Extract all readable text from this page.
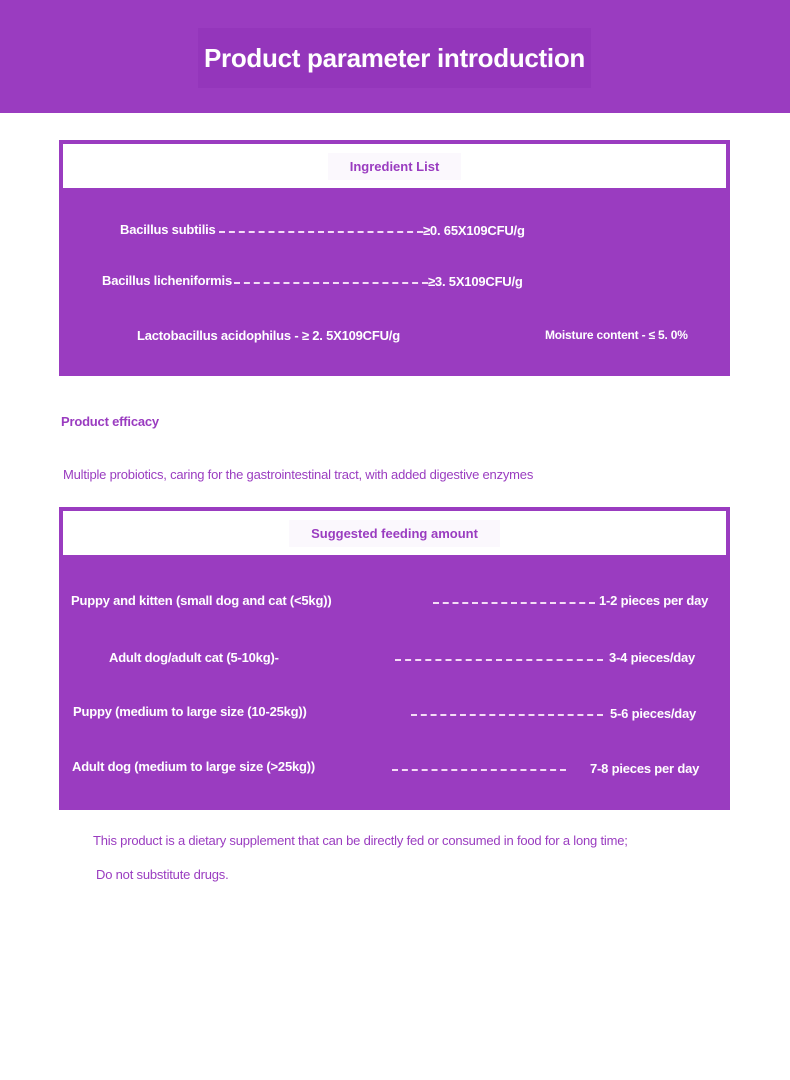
Product parameter introduction
Ingredient List
Bacillus subtilis	≥0. 65X109CFU/g
Bacillus licheniformis	≥3. 5X109CFU/g
Lactobacillus acidophilus - ≥ 2. 5X109CFU/g	Moisture content - ≤ 5. 0%
Product efficacy
Multiple probiotics, caring for the gastrointestinal tract, with added digestive enzymes
Suggested feeding amount
Puppy and kitten (small dog and cat (<5kg))	1-2 pieces per day
Adult dog/adult cat (5-10kg)-	3-4 pieces/day
Puppy (medium to large size (10-25kg))	5-6 pieces/day
Adult dog (medium to large size (>25kg))	7-8 pieces per day
This product is a dietary supplement that can be directly fed or consumed in food for a long time;
Do not substitute drugs.
